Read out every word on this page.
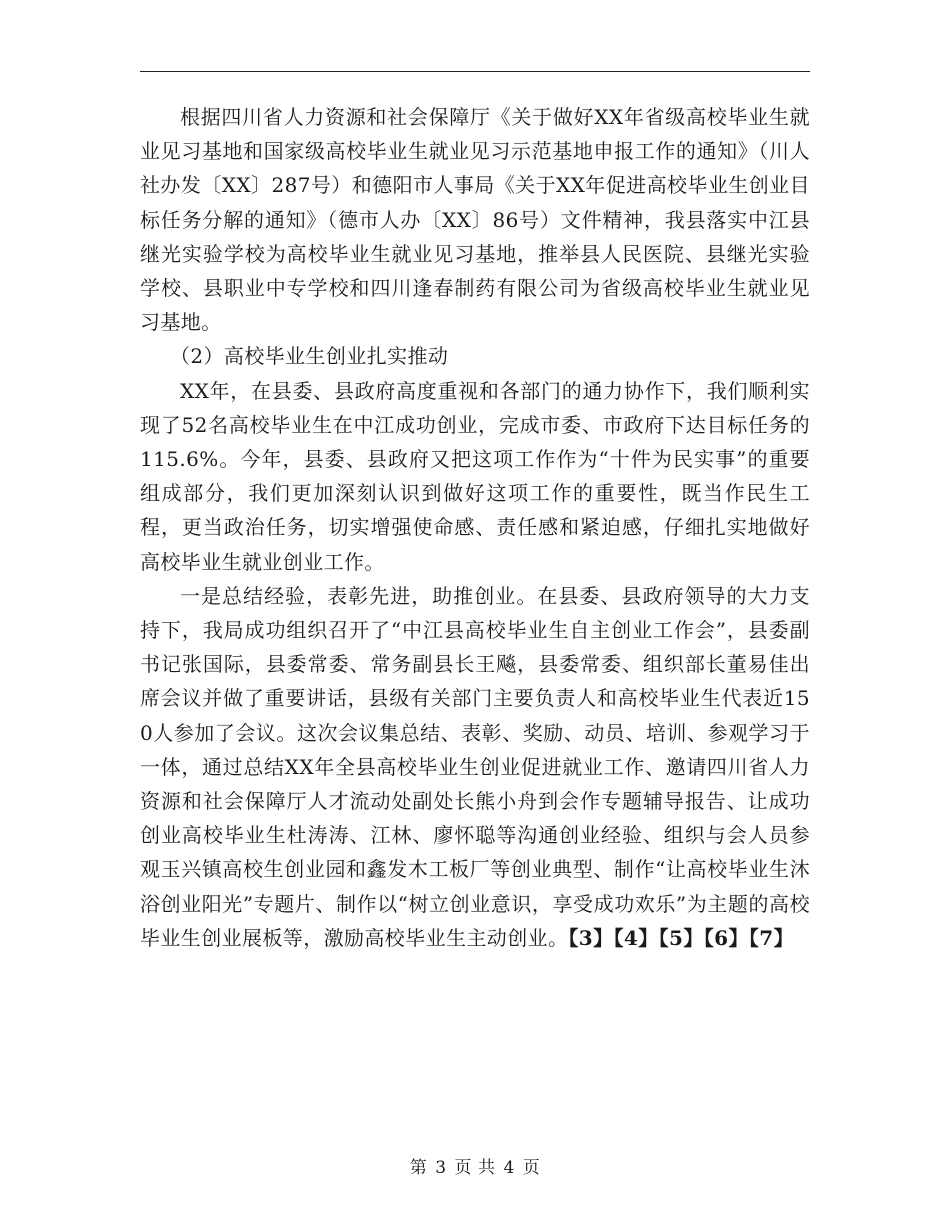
根据四川省人力资源和社会保障厅《关于做好XX年省级高校毕业生就业见习基地和国家级高校毕业生就业见习示范基地申报工作的通知》（川人社办发〔XX〕287号）和德阳市人事局《关于XX年促进高校毕业生创业目标任务分解的通知》（德市人办〔XX〕86号）文件精神，我县落实中江县继光实验学校为高校毕业生就业见习基地，推举县人民医院、县继光实验学校、县职业中专学校和四川逢春制药有限公司为省级高校毕业生就业见习基地。

（2）高校毕业生创业扎实推动

XX年，在县委、县政府高度重视和各部门的通力协作下，我们顺利实现了52名高校毕业生在中江成功创业，完成市委、市政府下达目标任务的115.6%。今年，县委、县政府又把这项工作作为“十件为民实事”的重要组成部分，我们更加深刻认识到做好这项工作的重要性，既当作民生工程，更当政治任务，切实增强使命感、责任感和紧迫感，仔细扎实地做好高校毕业生就业创业工作。

一是总结经验，表彰先进，助推创业。在县委、县政府领导的大力支持下，我局成功组织召开了“中江县高校毕业生自主创业工作会”，县委副书记张国际，县委常委、常务副县长王飚，县委常委、组织部长董易佳出席会议并做了重要讲话，县级有关部门主要负责人和高校毕业生代表近150人参加了会议。这次会议集总结、表彰、奖励、动员、培训、参观学习于一体，通过总结XX年全县高校毕业生创业促进就业工作、邀请四川省人力资源和社会保障厅人才流动处副处长熊小舟到会作专题辅导报告、让成功创业高校毕业生杜涛涛、江林、廖怀聪等沟通创业经验、组织与会人员参观玉兴镇高校生创业园和鑫发木工板厂等创业典型、制作“让高校毕业生沐浴创业阳光”专题片、制作以“树立创业意识，享受成功欢乐”为主题的高校毕业生创业展板等，激励高校毕业生主动创业。【3】【4】【5】【6】【7】

第 3 页 共 4 页
